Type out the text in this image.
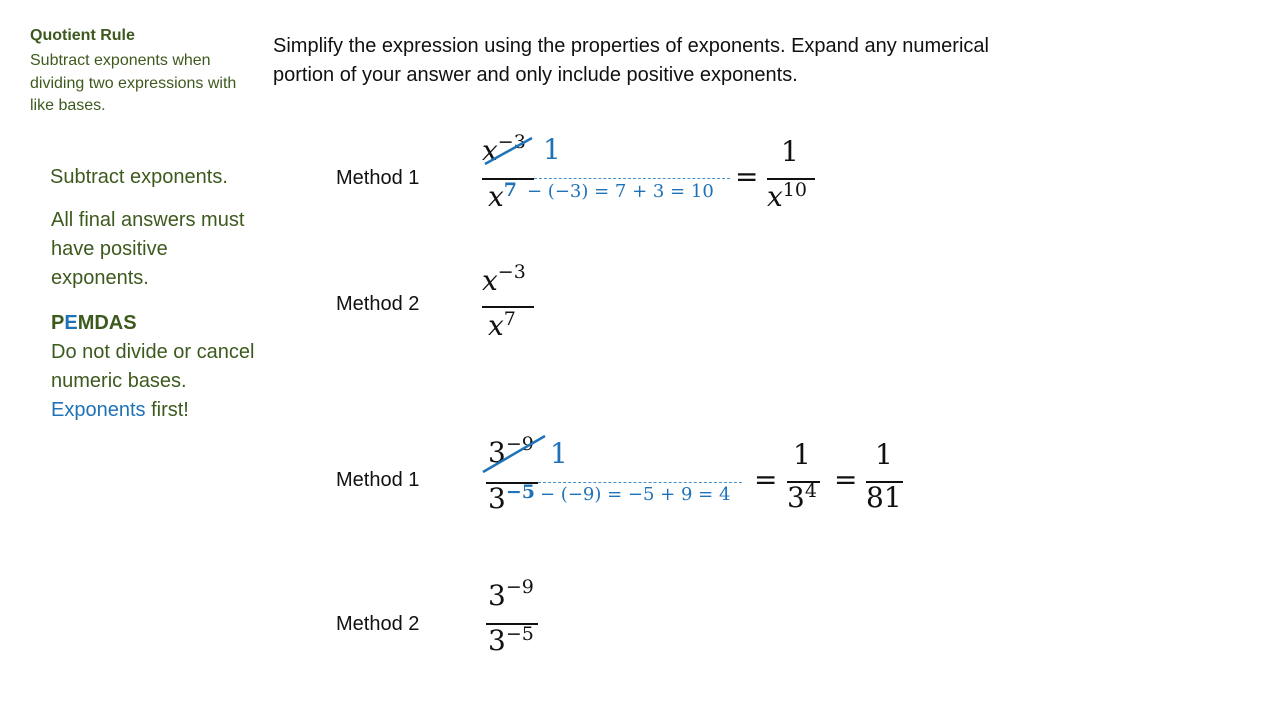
Quotient Rule
Subtract exponents when dividing two expressions with like bases.
Simplify the expression using the properties of exponents. Expand any numerical portion of your answer and only include positive exponents.
Subtract exponents.
All final answers must have positive exponents.
PEMDAS
Do not divide or cancel numeric bases.
Exponents first!
Method 1
x−3 1
x7 − (−3) = 7 + 3 = 10 =
1
x10
Method 2
x−3
x7
Method 1
3−9 1
3−5 − (−9) = −5 + 9 = 4 =
1
34 =
1
81
Method 2
3−9
3−5
